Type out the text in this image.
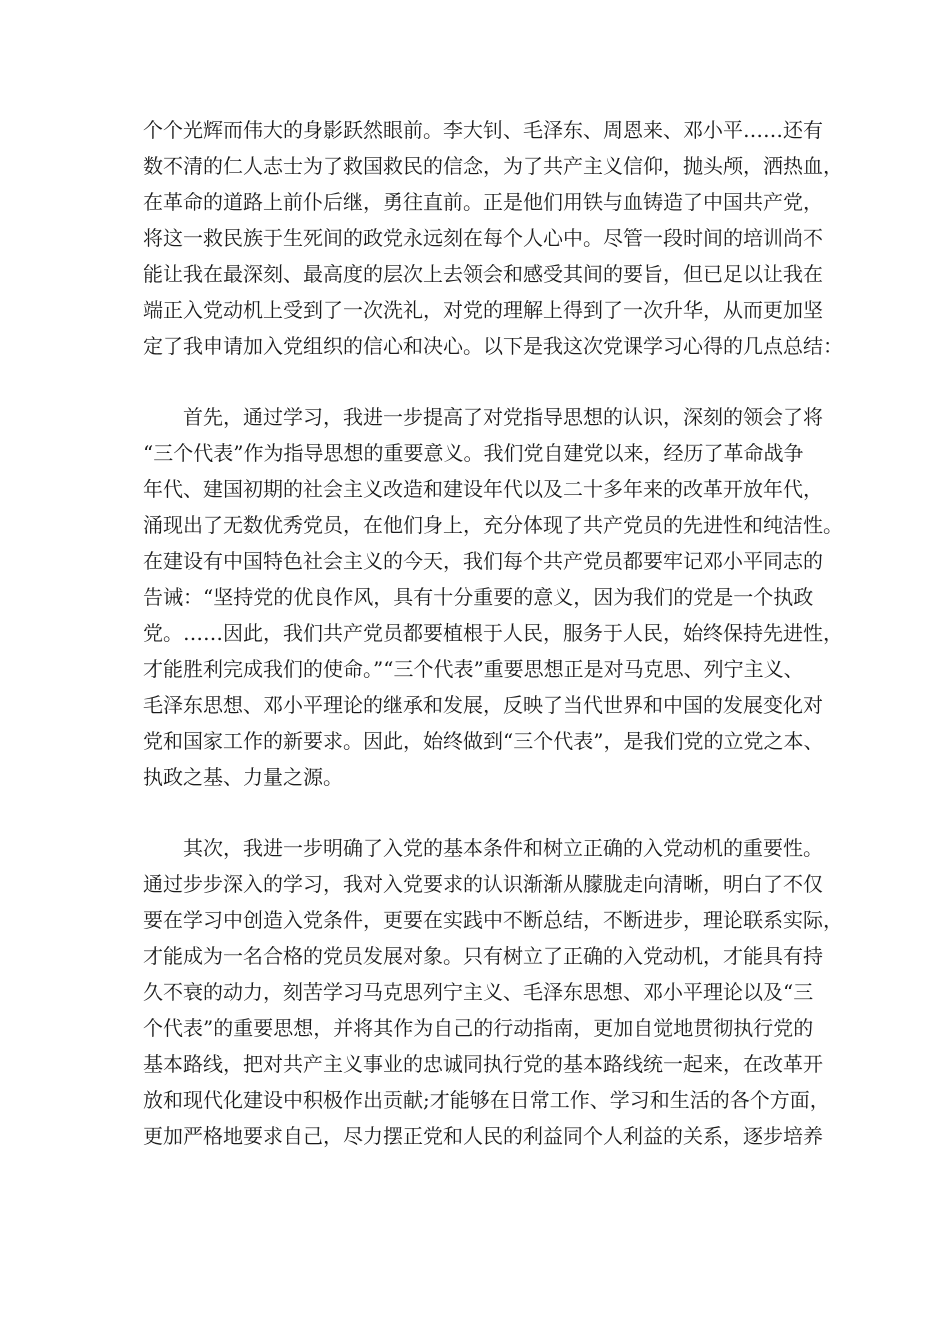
个个光辉而伟大的身影跃然眼前。李大钊、毛泽东、周恩来、邓小平……还有
数不清的仁人志士为了救国救民的信念，为了共产主义信仰，抛头颅，洒热血，
在革命的道路上前仆后继，勇往直前。正是他们用铁与血铸造了中国共产党，
将这一救民族于生死间的政党永远刻在每个人心中。尽管一段时间的培训尚不
能让我在最深刻、最高度的层次上去领会和感受其间的要旨，但已足以让我在
端正入党动机上受到了一次洗礼，对党的理解上得到了一次升华，从而更加坚
定了我申请加入党组织的信心和决心。以下是我这次党课学习心得的几点总结：
首先，通过学习，我进一步提高了对党指导思想的认识，深刻的领会了将
“三个代表”作为指导思想的重要意义。我们党自建党以来，经历了革命战争
年代、建国初期的社会主义改造和建设年代以及二十多年来的改革开放年代，
涌现出了无数优秀党员，在他们身上，充分体现了共产党员的先进性和纯洁性。
在建设有中国特色社会主义的今天，我们每个共产党员都要牢记邓小平同志的
告诫：“坚持党的优良作风，具有十分重要的意义，因为我们的党是一个执政
党。……因此，我们共产党员都要植根于人民，服务于人民，始终保持先进性，
才能胜利完成我们的使命。”“三个代表”重要思想正是对马克思、列宁主义、
毛泽东思想、邓小平理论的继承和发展，反映了当代世界和中国的发展变化对
党和国家工作的新要求。因此，始终做到“三个代表”，是我们党的立党之本、
执政之基、力量之源。
其次，我进一步明确了入党的基本条件和树立正确的入党动机的重要性。
通过步步深入的学习，我对入党要求的认识渐渐从朦胧走向清晰，明白了不仅
要在学习中创造入党条件，更要在实践中不断总结，不断进步，理论联系实际，
才能成为一名合格的党员发展对象。只有树立了正确的入党动机，才能具有持
久不衰的动力，刻苦学习马克思列宁主义、毛泽东思想、邓小平理论以及“三
个代表”的重要思想，并将其作为自己的行动指南，更加自觉地贯彻执行党的
基本路线，把对共产主义事业的忠诚同执行党的基本路线统一起来，在改革开
放和现代化建设中积极作出贡献;才能够在日常工作、学习和生活的各个方面，
更加严格地要求自己，尽力摆正党和人民的利益同个人利益的关系，逐步培养
